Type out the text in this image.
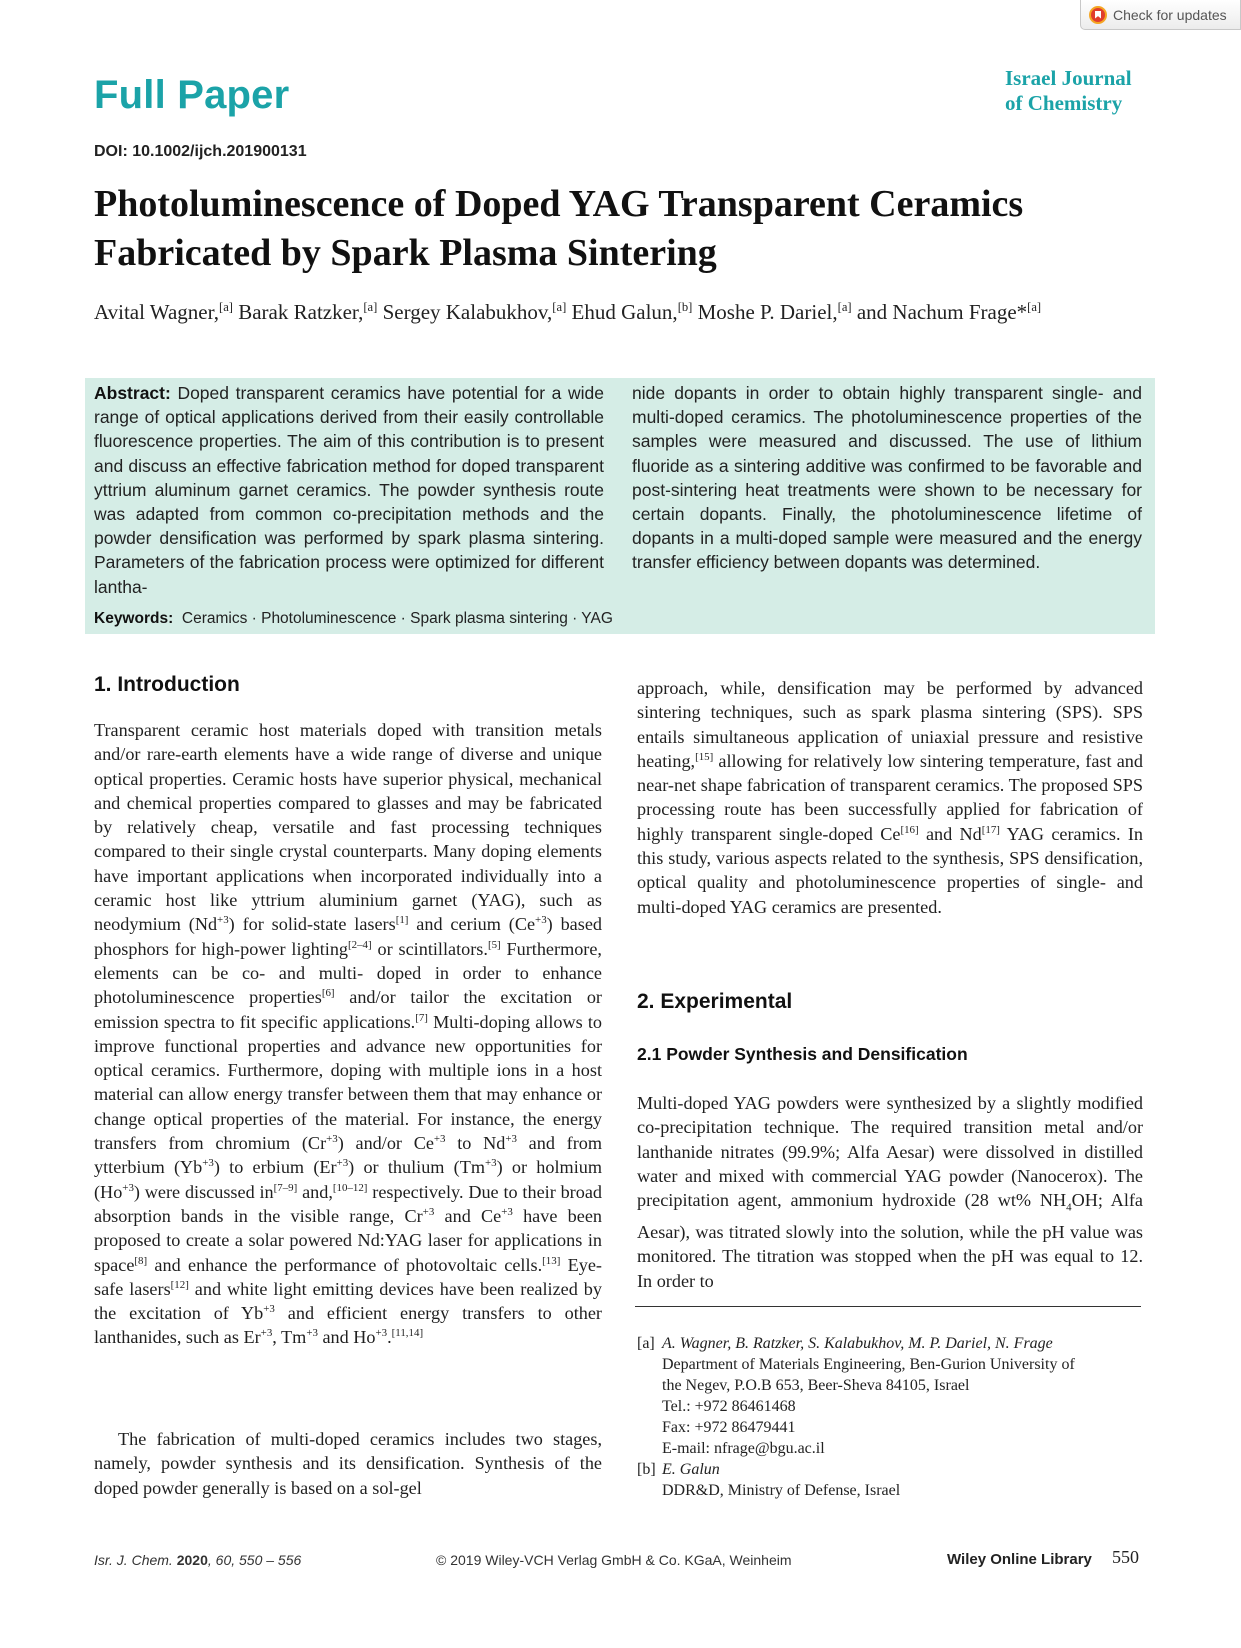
Check for updates
Full Paper	Israel Journal
of Chemistry
DOI: 10.1002/ijch.201900131
Photoluminescence of Doped YAG Transparent Ceramics
Fabricated by Spark Plasma Sintering
Avital Wagner,[a] Barak Ratzker,[a] Sergey Kalabukhov,[a] Ehud Galun,[b] Moshe P. Dariel,[a] and Nachum Frage*[a]
Abstract: Doped transparent ceramics have potential for a wide range of optical applications derived from their easily controllable fluorescence properties. The aim of this contribution is to present and discuss an effective fabrication method for doped transparent yttrium aluminum garnet ceramics. The powder synthesis route was adapted from common co-precipitation methods and the powder densification was performed by spark plasma sintering. Parameters of the fabrication process were optimized for different lantha-
nide dopants in order to obtain highly transparent single- and multi-doped ceramics. The photoluminescence properties of the samples were measured and discussed. The use of lithium fluoride as a sintering additive was confirmed to be favorable and post-sintering heat treatments were shown to be necessary for certain dopants. Finally, the photoluminescence lifetime of dopants in a multi-doped sample were measured and the energy transfer efficiency between dopants was determined.
Keywords: Ceramics · Photoluminescence · Spark plasma sintering · YAG
1. Introduction

Transparent ceramic host materials doped with transition metals and/or rare-earth elements have a wide range of diverse and unique optical properties. Ceramic hosts have superior physical, mechanical and chemical properties compared to glasses and may be fabricated by relatively cheap, versatile and fast processing techniques compared to their single crystal counterparts. Many doping elements have important applications when incorporated individually into a ceramic host like yttrium aluminium garnet (YAG), such as neodymium $(Nd^{+3})$ for solid-state lasers[1] and cerium $(Ce^{+3})$ based phosphors for high-power lighting[2–4] or scintillators.[5] Furthermore, elements can be co- and multi- doped in order to enhance photoluminescence properties[6] and/or tailor the excitation or emission spectra to fit specific applications.[7] Multi-doping allows to improve functional properties and advance new opportunities for optical ceramics. Furthermore, doping with multiple ions in a host material can allow energy transfer between them that may enhance or change optical properties of the material. For instance, the energy transfers from chromium $(Cr^{+3})$ and/or $Ce^{+3}$ to $Nd^{+3}$ and from ytterbium $(Yb^{+3})$ to erbium $(Er^{+3})$ or thulium $(Tm^{+3})$ or holmium $(Ho^{+3})$ were discussed in[7–9] and,[10–12] respectively. Due to their broad absorption bands in the visible range, $Cr^{+3}$ and $Ce^{+3}$ have been proposed to create a solar powered Nd:YAG laser for applications in space[8] and enhance the performance of photovoltaic cells.[13] Eye-safe lasers[12] and white light emitting devices have been realized by the excitation of $Yb^{+3}$ and efficient energy transfers to other lanthanides, such as $Er^{+3}$, $Tm^{+3}$ and $Ho^{+3}.[11,14]$

The fabrication of multi-doped ceramics includes two stages, namely, powder synthesis and its densification. Synthesis of the doped powder generally is based on a sol-gel

approach, while, densification may be performed by advanced sintering techniques, such as spark plasma sintering (SPS). SPS entails simultaneous application of uniaxial pressure and resistive heating,[15] allowing for relatively low sintering temperature, fast and near-net shape fabrication of transparent ceramics. The proposed SPS processing route has been successfully applied for fabrication of highly transparent single-doped Ce[16] and Nd[17] YAG ceramics. In this study, various aspects related to the synthesis, SPS densification, optical quality and photoluminescence properties of single- and multi-doped YAG ceramics are presented.

2. Experimental
2.1 Powder Synthesis and Densification

Multi-doped YAG powders were synthesized by a slightly modified co-precipitation technique. The required transition metal and/or lanthanide nitrates (99.9%; Alfa Aesar) were dissolved in distilled water and mixed with commercial YAG powder (Nanocerox). The precipitation agent, ammonium hydroxide (28 wt% $NH_4OH$; Alfa Aesar), was titrated slowly into the solution, while the pH value was monitored. The titration was stopped when the pH was equal to 12. In order to

[a] A. Wagner, B. Ratzker, S. Kalabukhov, M. P. Dariel, N. Frage
Department of Materials Engineering, Ben-Gurion University of
the Negev, P.O.B 653, Beer-Sheva 84105, Israel
Tel.: +972 86461468
Fax: +972 86479441
E-mail: nfrage@bgu.ac.il
[b] E. Galun
DDR&D, Ministry of Defense, Israel
Isr. J. Chem. 2020, 60, 550 – 556	© 2019 Wiley-VCH Verlag GmbH & Co. KGaA, Weinheim	Wiley Online Library 550
